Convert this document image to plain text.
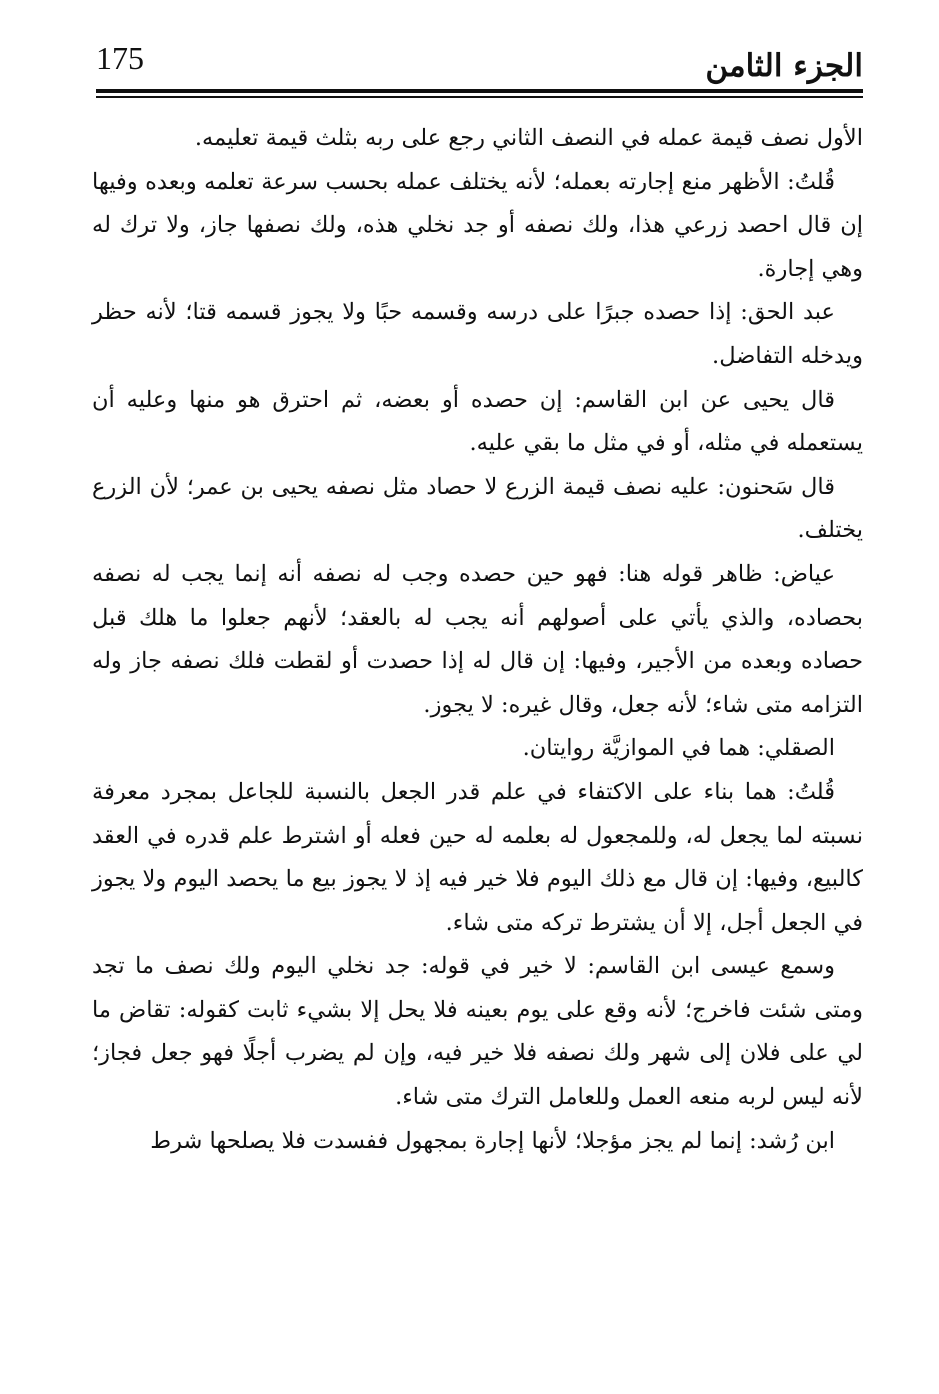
175	الجزء الثامن

الأول نصف قيمة عمله في النصف الثاني رجع على ربه بثلث قيمة تعليمه.

قُلتُ: الأظهر منع إجارته بعمله؛ لأنه يختلف عمله بحسب سرعة تعلمه وبعده وفيها إن قال احصد زرعي هذا، ولك نصفه أو جد نخلي هذه، ولك نصفها جاز، ولا ترك له وهي إجارة.

عبد الحق: إذا حصده جبرًا على درسه وقسمه حبًا ولا يجوز قسمه قتا؛ لأنه حظر ويدخله التفاضل.

قال يحيى عن ابن القاسم: إن حصده أو بعضه، ثم احترق هو منها وعليه أن يستعمله في مثله، أو في مثل ما بقي عليه.

قال سَحنون: عليه نصف قيمة الزرع لا حصاد مثل نصفه يحيى بن عمر؛ لأن الزرع يختلف.

عياض: ظاهر قوله هنا: فهو حين حصده وجب له نصفه أنه إنما يجب له نصفه بحصاده، والذي يأتي على أصولهم أنه يجب له بالعقد؛ لأنهم جعلوا ما هلك قبل حصاده وبعده من الأجير، وفيها: إن قال له إذا حصدت أو لقطت فلك نصفه جاز وله التزامه متى شاء؛ لأنه جعل، وقال غيره: لا يجوز.

الصقلي: هما في الموازيَّة روايتان.

قُلتُ: هما بناء على الاكتفاء في علم قدر الجعل بالنسبة للجاعل بمجرد معرفة نسبته لما يجعل له، وللمجعول له بعلمه له حين فعله أو اشترط علم قدره في العقد كالبيع، وفيها: إن قال مع ذلك اليوم فلا خير فيه إذ لا يجوز بيع ما يحصد اليوم ولا يجوز في الجعل أجل، إلا أن يشترط تركه متى شاء.

وسمع عيسى ابن القاسم: لا خير في قوله: جد نخلي اليوم ولك نصف ما تجد ومتى شئت فاخرج؛ لأنه وقع على يوم بعينه فلا يحل إلا بشيء ثابت كقوله: تقاض ما لي على فلان إلى شهر ولك نصفه فلا خير فيه، وإن لم يضرب أجلًا فهو جعل فجاز؛ لأنه ليس لربه منعه العمل وللعامل الترك متى شاء.

ابن رُشد: إنما لم يجز مؤجلا؛ لأنها إجارة بمجهول ففسدت فلا يصلحها شرط
